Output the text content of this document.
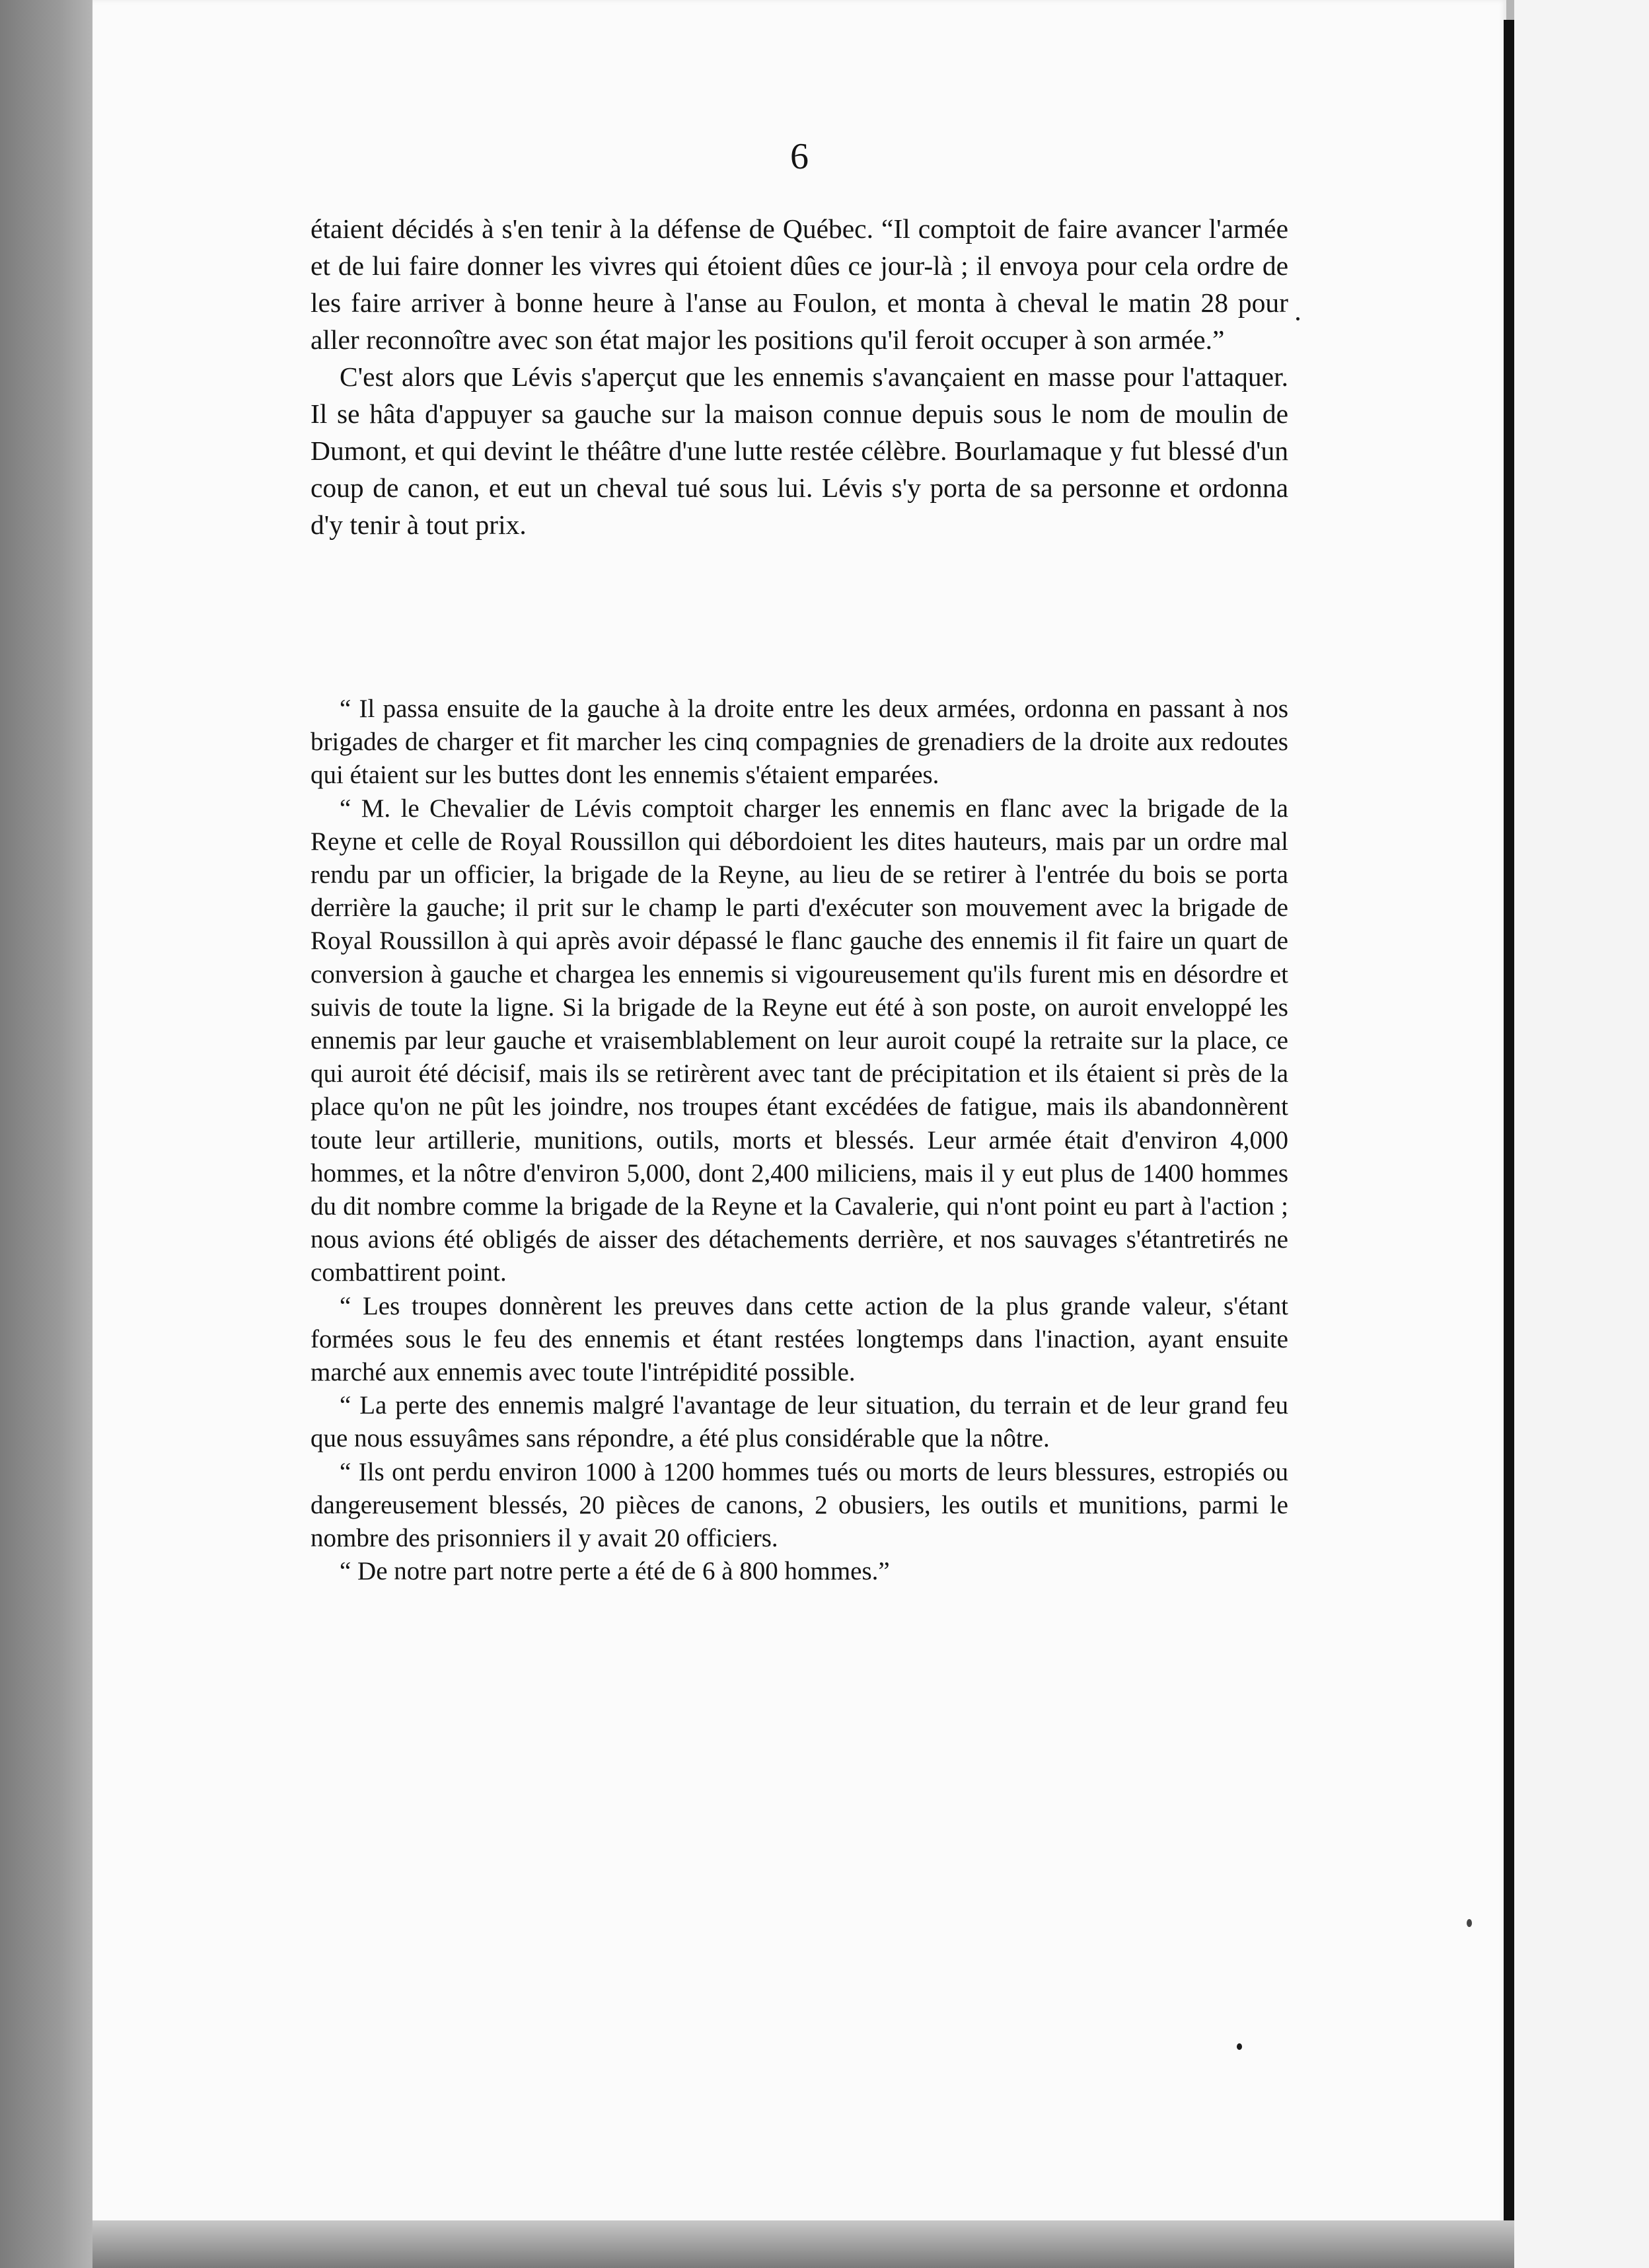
6

étaient décidés à s'en tenir à la défense de Québec. “Il comptoit de faire avancer l'armée et de lui faire donner les vivres qui étoient dûes ce jour-là ; il envoya pour cela ordre de les faire arriver à bonne heure à l'anse au Foulon, et monta à cheval le matin 28 pour aller reconnoître avec son état major les positions qu'il feroit occuper à son armée.”

C'est alors que Lévis s'aperçut que les ennemis s'avançaient en masse pour l'attaquer. Il se hâta d'appuyer sa gauche sur la maison connue depuis sous le nom de moulin de Dumont, et qui devint le théâtre d'une lutte restée célèbre. Bourlamaque y fut blessé d'un coup de canon, et eut un cheval tué sous lui. Lévis s'y porta de sa personne et ordonna d'y tenir à tout prix.

“ Il passa ensuite de la gauche à la droite entre les deux armées, ordonna en passant à nos brigades de charger et fit marcher les cinq compagnies de grenadiers de la droite aux redoutes qui étaient sur les buttes dont les ennemis s'étaient emparées.

“ M. le Chevalier de Lévis comptoit charger les ennemis en flanc avec la brigade de la Reyne et celle de Royal Roussillon qui débordoient les dites hauteurs, mais par un ordre mal rendu par un officier, la brigade de la Reyne, au lieu de se retirer à l'entrée du bois se porta derrière la gauche; il prit sur le champ le parti d'exécuter son mouvement avec la brigade de Royal Roussillon à qui après avoir dépassé le flanc gauche des ennemis il fit faire un quart de conversion à gauche et chargea les ennemis si vigoureusement qu'ils furent mis en désordre et suivis de toute la ligne. Si la brigade de la Reyne eut été à son poste, on auroit enveloppé les ennemis par leur gauche et vraisemblablement on leur auroit coupé la retraite sur la place, ce qui auroit été décisif, mais ils se retirèrent avec tant de précipitation et ils étaient si près de la place qu'on ne pût les joindre, nos troupes étant excédées de fatigue, mais ils abandonnèrent toute leur artillerie, munitions, outils, morts et blessés. Leur armée était d'environ 4,000 hommes, et la nôtre d'environ 5,000, dont 2,400 miliciens, mais il y eut plus de 1400 hommes du dit nombre comme la brigade de la Reyne et la Cavalerie, qui n'ont point eu part à l'action ; nous avions été obligés de aisser des détachements derrière, et nos sauvages s'étantretirés ne combattirent point.

“ Les troupes donnèrent les preuves dans cette action de la plus grande valeur, s'étant formées sous le feu des ennemis et étant restées longtemps dans l'inaction, ayant ensuite marché aux ennemis avec toute l'intrépidité possible.

“ La perte des ennemis malgré l'avantage de leur situation, du terrain et de leur grand feu que nous essuyâmes sans répondre, a été plus considérable que la nôtre.

“ Ils ont perdu environ 1000 à 1200 hommes tués ou morts de leurs blessures, estropiés ou dangereusement blessés, 20 pièces de canons, 2 obusiers, les outils et munitions, parmi le nombre des prisonniers il y avait 20 officiers.

“ De notre part notre perte a été de 6 à 800 hommes.”
